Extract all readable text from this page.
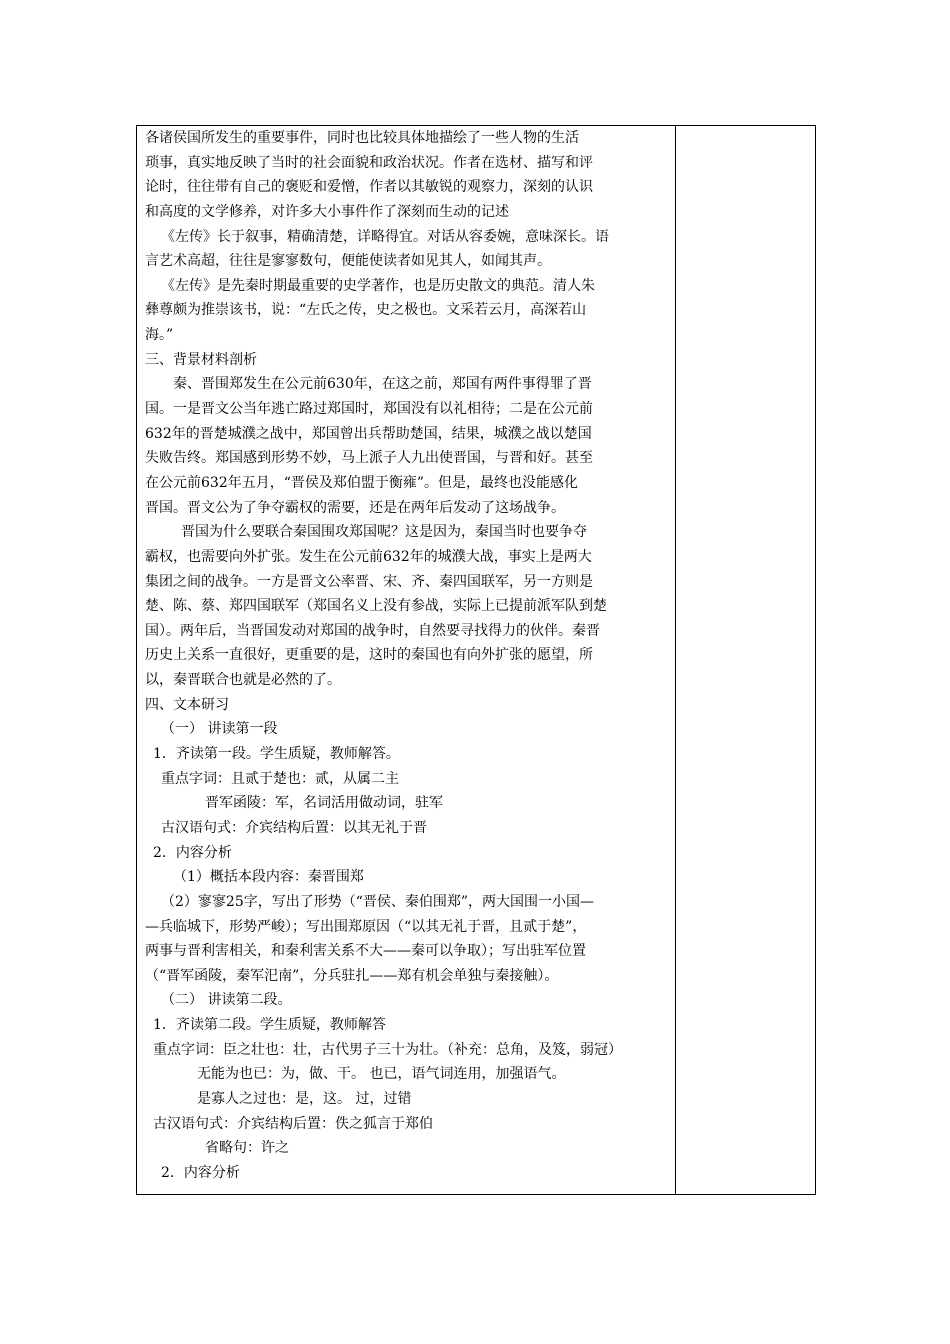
各诸侯国所发生的重要事件，同时也比较具体地描绘了一些人物的生活
琐事，真实地反映了当时的社会面貌和政治状况。作者在选材、描写和评
论时，往往带有自己的褒贬和爱憎，作者以其敏锐的观察力，深刻的认识
和高度的文学修养，对许多大小事件作了深刻而生动的记述
《左传》长于叙事，精确清楚，详略得宜。对话从容委婉，意味深长。语
言艺术高超，往往是寥寥数句，便能使读者如见其人，如闻其声。
《左传》是先秦时期最重要的史学著作，也是历史散文的典范。清人朱
彝尊颇为推崇该书，说：“左氏之传，史之极也。文采若云月，高深若山
海。”
三、背景材料剖析
秦、晋围郑发生在公元前630年，在这之前，郑国有两件事得罪了晋
国。一是晋文公当年逃亡路过郑国时，郑国没有以礼相待；二是在公元前
632年的晋楚城濮之战中，郑国曾出兵帮助楚国，结果，城濮之战以楚国
失败告终。郑国感到形势不妙，马上派子人九出使晋国，与晋和好。甚至
在公元前632年五月，“晋侯及郑伯盟于衡雍”。但是，最终也没能感化
晋国。晋文公为了争夺霸权的需要，还是在两年后发动了这场战争。
晋国为什么要联合秦国围攻郑国呢？这是因为，秦国当时也要争夺
霸权，也需要向外扩张。发生在公元前632年的城濮大战，事实上是两大
集团之间的战争。一方是晋文公率晋、宋、齐、秦四国联军，另一方则是
楚、陈、蔡、郑四国联军（郑国名义上没有参战，实际上已提前派军队到楚
国）。两年后，当晋国发动对郑国的战争时，自然要寻找得力的伙伴。秦晋
历史上关系一直很好，更重要的是，这时的秦国也有向外扩张的愿望，所
以，秦晋联合也就是必然的了。
四、文本研习
（一） 讲读第一段
1．齐读第一段。学生质疑，教师解答。
重点字词：且贰于楚也：贰，从属二主
晋军函陵：军，名词活用做动词，驻军
古汉语句式：介宾结构后置：以其无礼于晋
2．内容分析
（1）概括本段内容：秦晋围郑
（2）寥寥25字，写出了形势（“晋侯、秦伯围郑”，两大国围一小国—
—兵临城下，形势严峻）；写出围郑原因（“以其无礼于晋，且贰于楚”，
两事与晋利害相关，和秦利害关系不大——秦可以争取）；写出驻军位置
（“晋军函陵，秦军汜南”，分兵驻扎——郑有机会单独与秦接触）。
（二） 讲读第二段。
1．齐读第二段。学生质疑，教师解答
重点字词：臣之壮也：壮，古代男子三十为壮。（补充：总角，及笈，弱冠）
无能为也已：为，做、干。 也已，语气词连用，加强语气。
是寡人之过也：是，这。 过，过错
古汉语句式：介宾结构后置：佚之狐言于郑伯
省略句：许之
2．内容分析
